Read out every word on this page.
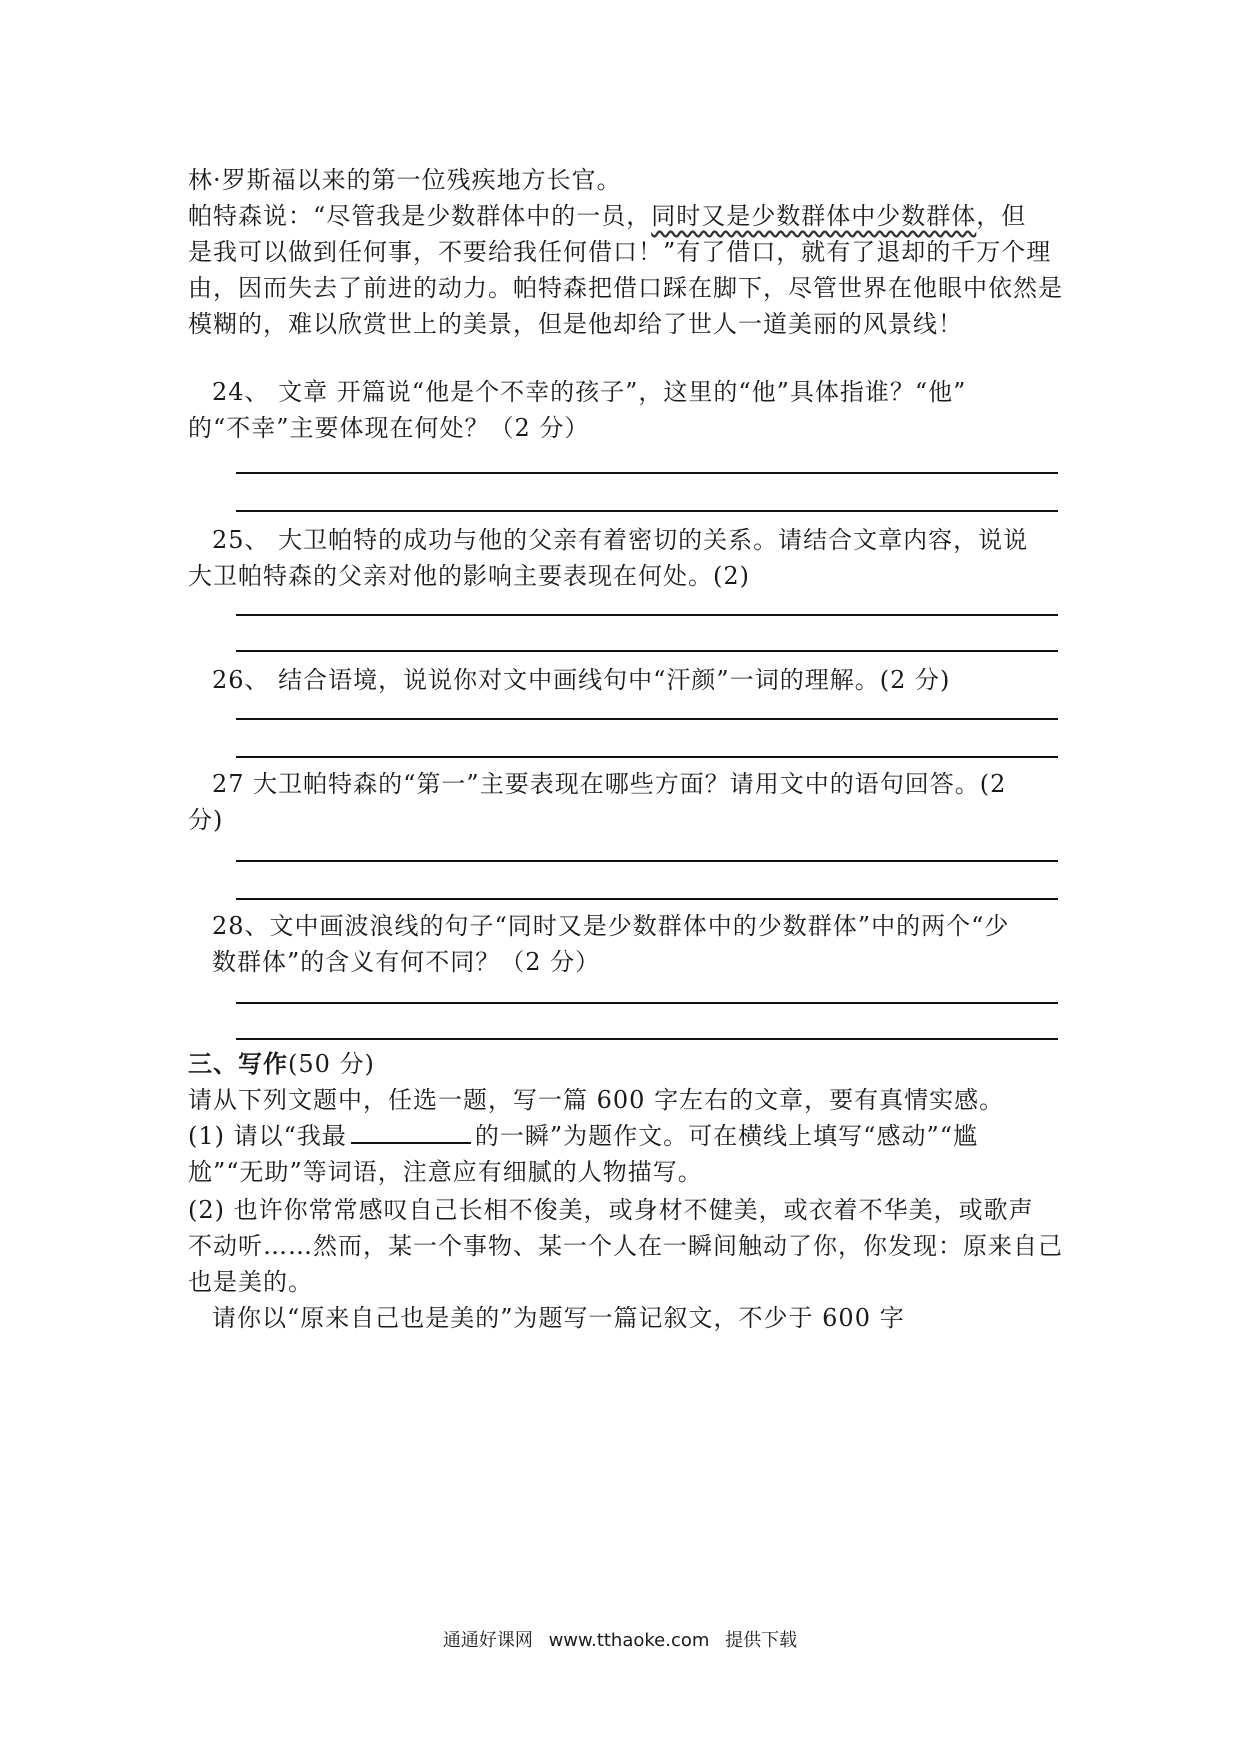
林·罗斯福以来的第一位残疾地方长官。
帕特森说：“尽管我是少数群体中的一员，同时又是少数群体中少数群体，但
是我可以做到任何事，不要给我任何借口！”有了借口，就有了退却的千万个理
由，因而失去了前进的动力。帕特森把借口踩在脚下，尽管世界在他眼中依然是
模糊的，难以欣赏世上的美景，但是他却给了世人一道美丽的风景线！
24、 文章 开篇说“他是个不幸的孩子”，这里的“他”具体指谁？“他”
的“不幸”主要体现在何处？（2 分）
25、 大卫帕特的成功与他的父亲有着密切的关系。请结合文章内容，说说
大卫帕特森的父亲对他的影响主要表现在何处。(2)
26、 结合语境，说说你对文中画线句中“汗颜”一词的理解。(2 分)
27 大卫帕特森的“第一”主要表现在哪些方面？请用文中的语句回答。(2
分)
28、文中画波浪线的句子“同时又是少数群体中的少数群体”中的两个“少
数群体”的含义有何不同？（2 分）
三、写作(50 分)
请从下列文题中，任选一题，写一篇 600 字左右的文章，要有真情实感。
(1) 请以“我最	的一瞬”为题作文。可在横线上填写“感动”“尴
尬”“无助”等词语，注意应有细腻的人物描写。
(2) 也许你常常感叹自己长相不俊美，或身材不健美，或衣着不华美，或歌声
不动听……然而，某一个事物、某一个人在一瞬间触动了你，你发现：原来自己
也是美的。
请你以“原来自己也是美的”为题写一篇记叙文，不少于 600 字
通通好课网 www.tthaoke.com 提供下载
